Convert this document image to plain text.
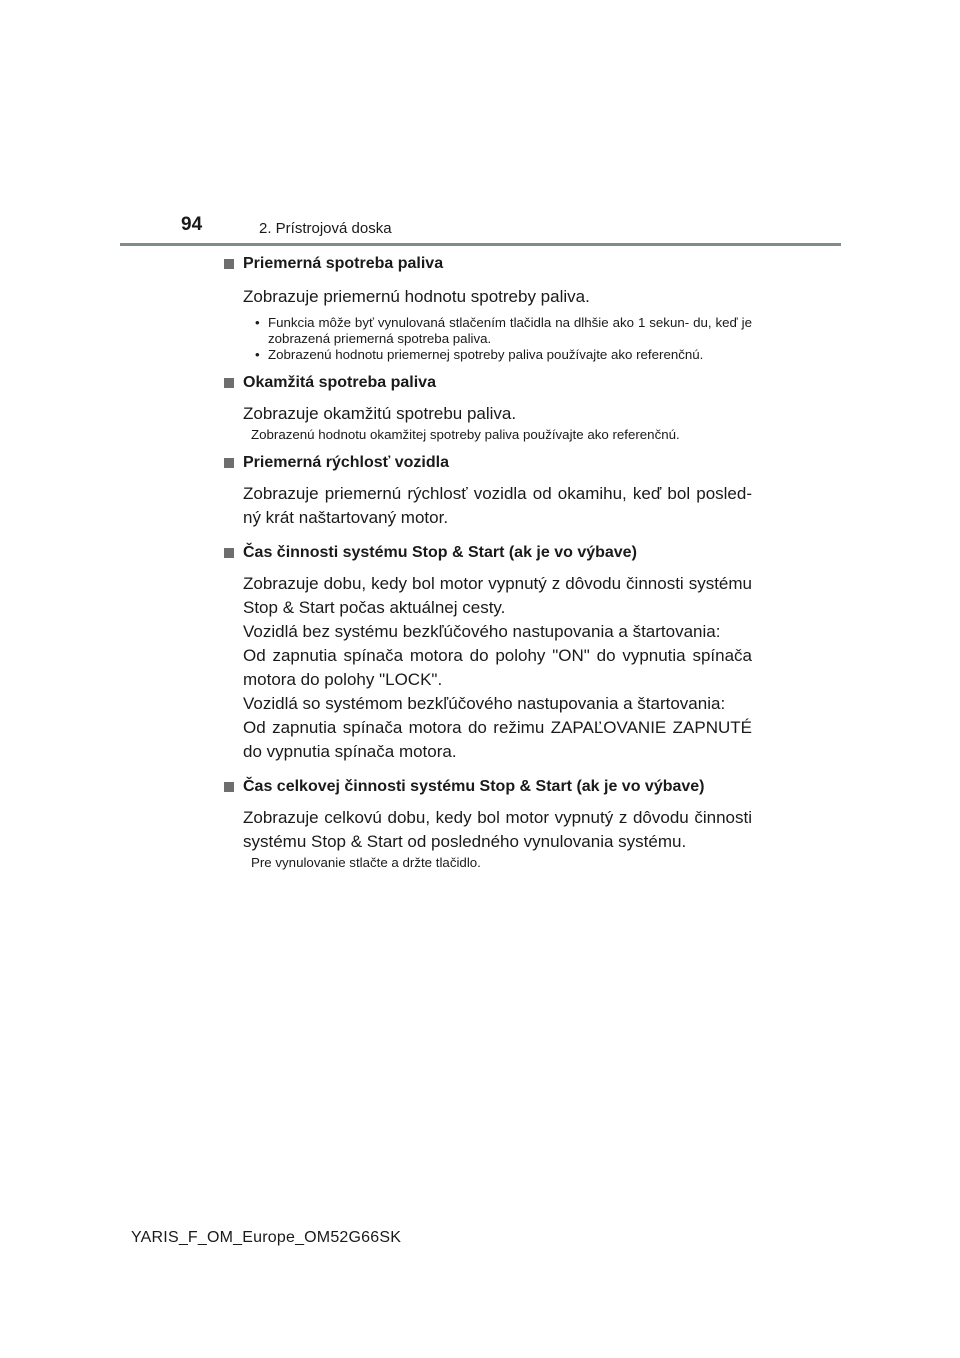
94	2. Prístrojová doska
Priemerná spotreba paliva

Zobrazuje priemernú hodnotu spotreby paliva.

• Funkcia môže byť vynulovaná stlačením tlačidla na dlhšie ako 1 sekun- du, keď je zobrazená priemerná spotreba paliva.
• Zobrazenú hodnotu priemernej spotreby paliva používajte ako referenčnú.
Okamžitá spotreba paliva

Zobrazuje okamžitú spotrebu paliva.

Zobrazenú hodnotu okamžitej spotreby paliva používajte ako referenčnú.

Priemerná rýchlosť vozidla

Zobrazuje priemernú rýchlosť vozidla od okamihu, keď bol posled- ný krát naštartovaný motor.

Čas činnosti systému Stop & Start (ak je vo výbave)

Zobrazuje dobu, kedy bol motor vypnutý z dôvodu činnosti systému Stop & Start počas aktuálnej cesty.
Vozidlá bez systému bezkľúčového nastupovania a štartovania:
Od zapnutia spínača motora do polohy "ON" do vypnutia spínača motora do polohy "LOCK".
Vozidlá so systémom bezkľúčového nastupovania a štartovania:
Od zapnutia spínača motora do režimu ZAPAĽOVANIE ZAPNUTÉ do vypnutia spínača motora.

Čas celkovej činnosti systému Stop & Start (ak je vo výbave)

Zobrazuje celkovú dobu, kedy bol motor vypnutý z dôvodu činnosti systému Stop & Start od posledného vynulovania systému.

Pre vynulovanie stlačte a držte tlačidlo.

YARIS_F_OM_Europe_OM52G66SK
